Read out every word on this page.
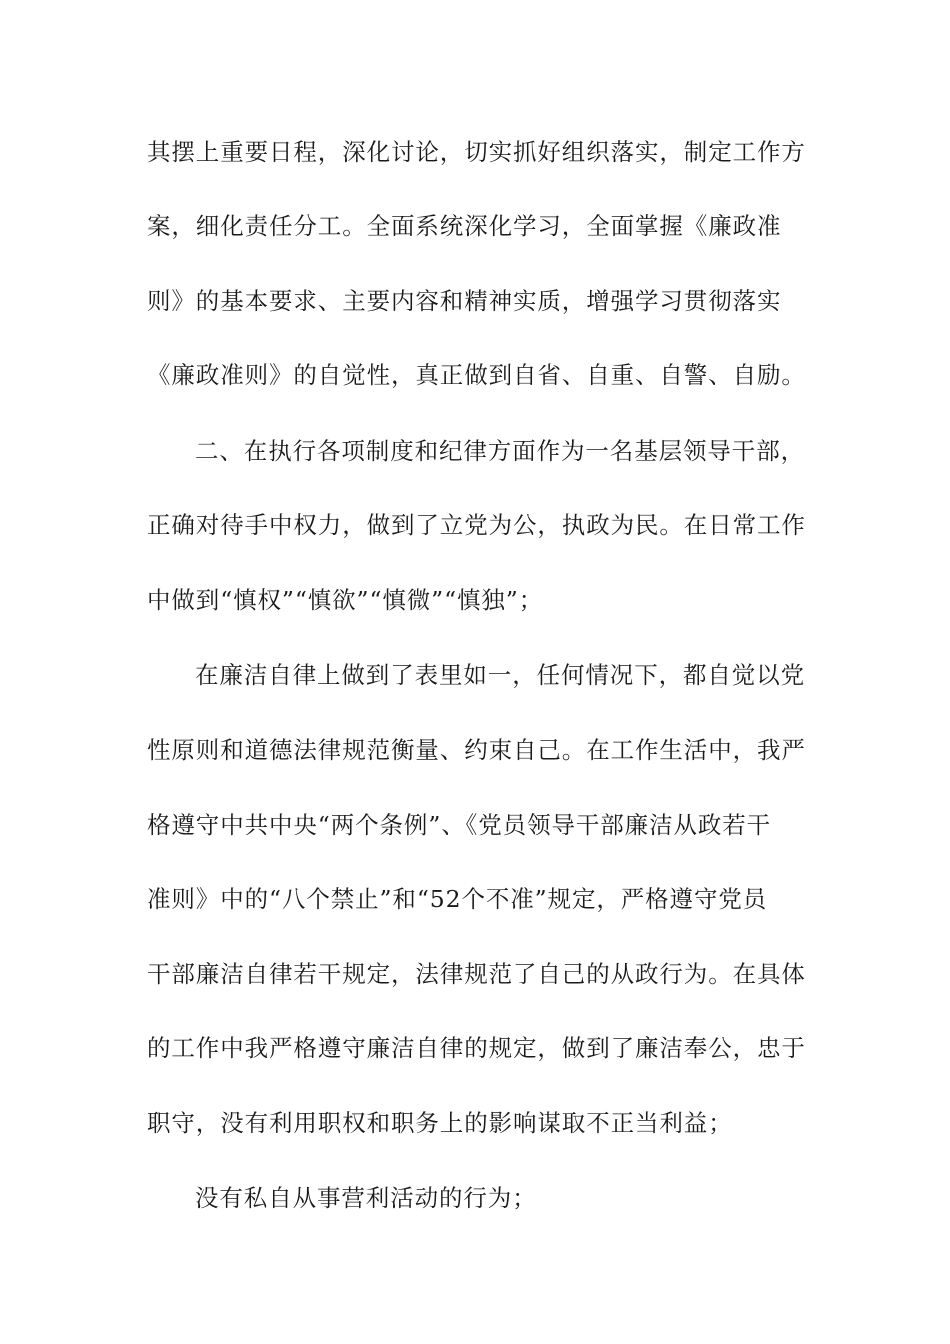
其摆上重要日程，深化讨论，切实抓好组织落实，制定工作方
案，细化责任分工。全面系统深化学习，全面掌握《廉政准
则》的基本要求、主要内容和精神实质，增强学习贯彻落实
《廉政准则》的自觉性，真正做到自省、自重、自警、自励。
二、在执行各项制度和纪律方面作为一名基层领导干部，
正确对待手中权力，做到了立党为公，执政为民。在日常工作
中做到“慎权”“慎欲”“慎微”“慎独”；
在廉洁自律上做到了表里如一，任何情况下，都自觉以党
性原则和道德法律规范衡量、约束自己。在工作生活中，我严
格遵守中共中央“两个条例”、《党员领导干部廉洁从政若干
准则》中的“八个禁止”和“52个不准”规定，严格遵守党员
干部廉洁自律若干规定，法律规范了自己的从政行为。在具体
的工作中我严格遵守廉洁自律的规定，做到了廉洁奉公，忠于
职守，没有利用职权和职务上的影响谋取不正当利益；
没有私自从事营利活动的行为；
